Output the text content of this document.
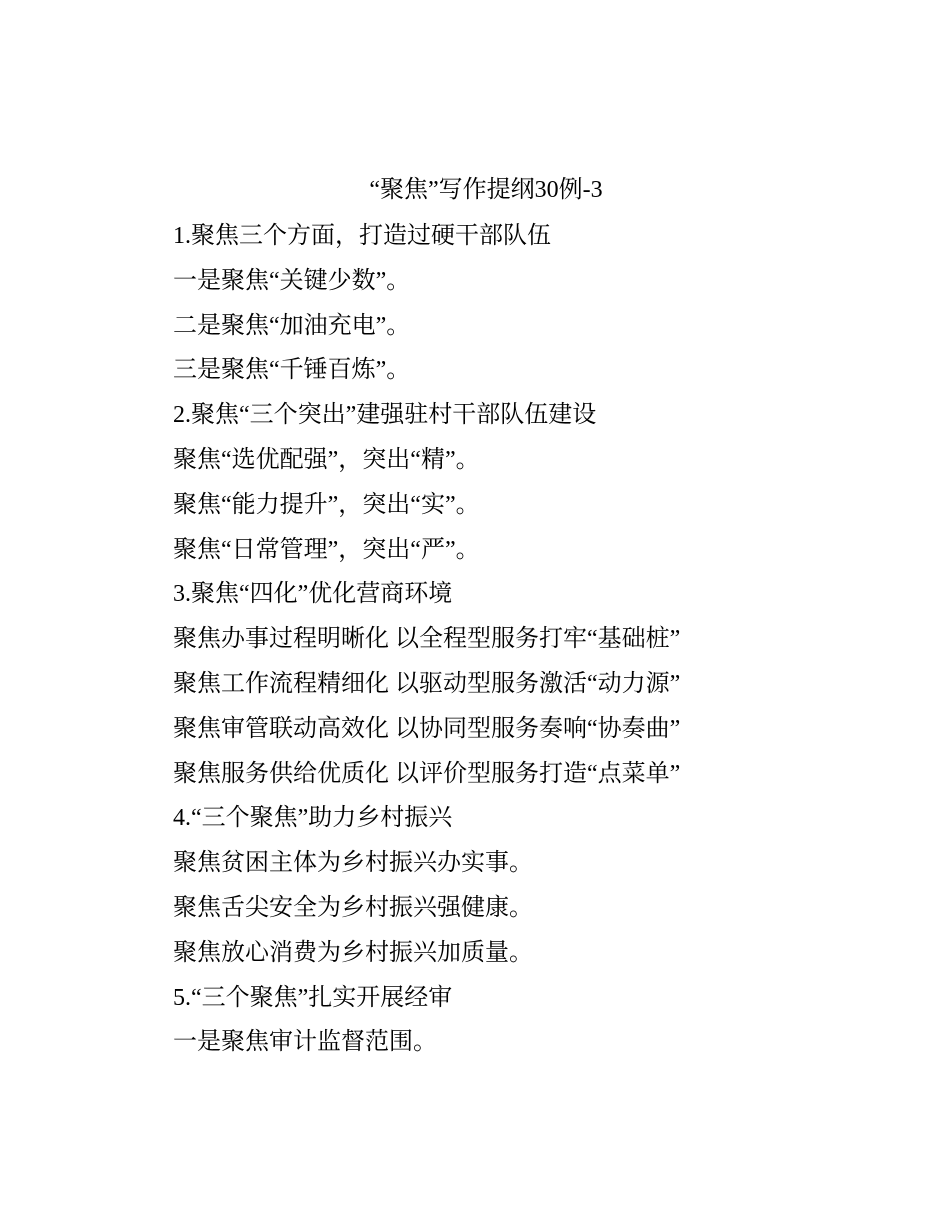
“聚焦”写作提纲30例-3
1.聚焦三个方面，打造过硬干部队伍
一是聚焦“关键少数”。
二是聚焦“加油充电”。
三是聚焦“千锤百炼”。
2.聚焦“三个突出”建强驻村干部队伍建设
聚焦“选优配强”，突出“精”。
聚焦“能力提升”，突出“实”。
聚焦“日常管理”，突出“严”。
3.聚焦“四化”优化营商环境
聚焦办事过程明晰化 以全程型服务打牢“基础桩”
聚焦工作流程精细化 以驱动型服务激活“动力源”
聚焦审管联动高效化 以协同型服务奏响“协奏曲”
聚焦服务供给优质化 以评价型服务打造“点菜单”
4.“三个聚焦”助力乡村振兴
聚焦贫困主体为乡村振兴办实事。
聚焦舌尖安全为乡村振兴强健康。
聚焦放心消费为乡村振兴加质量。
5.“三个聚焦”扎实开展经审
一是聚焦审计监督范围。
